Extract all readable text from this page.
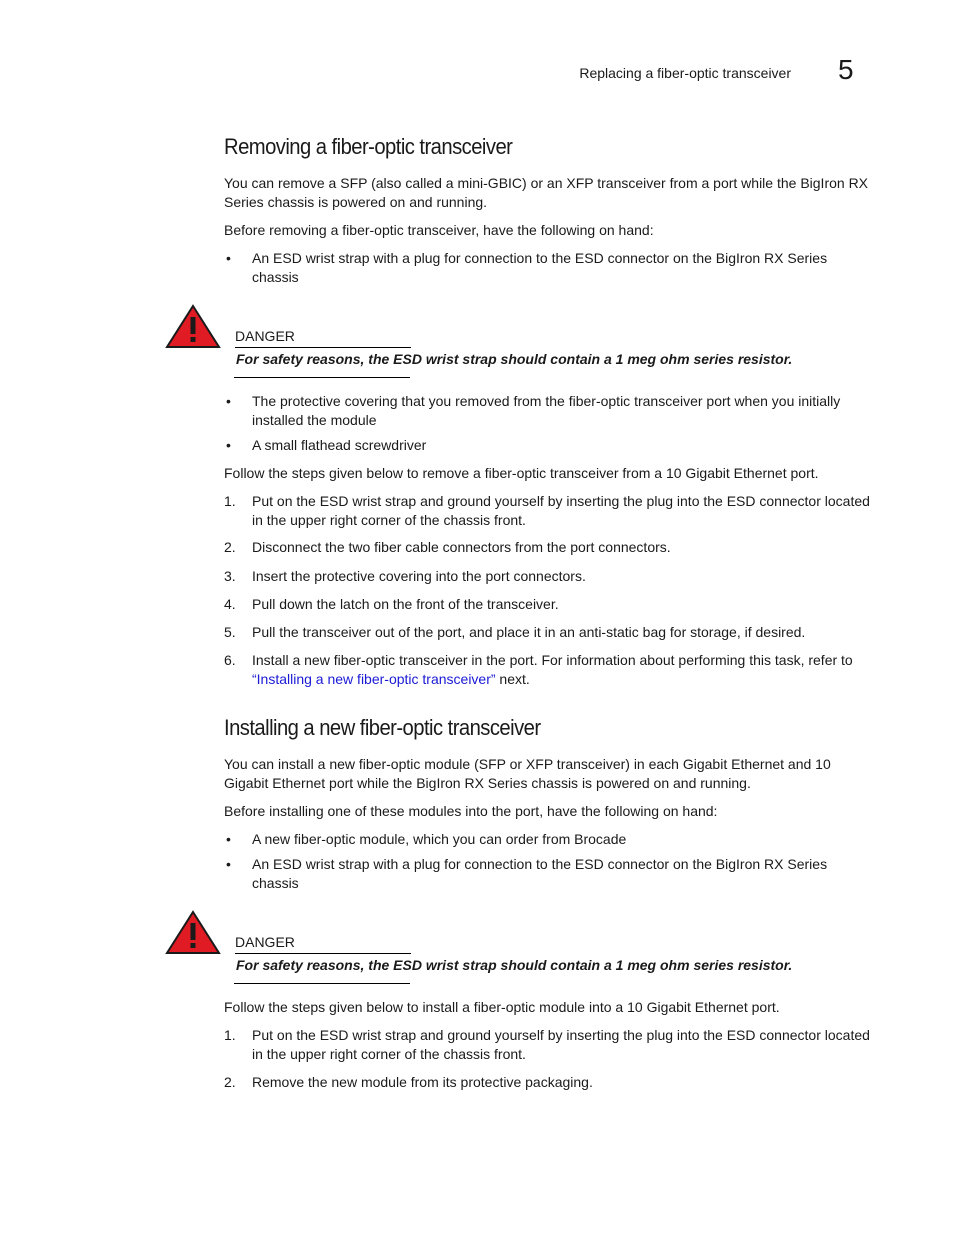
Replacing a fiber-optic transceiver 5
Removing a fiber-optic transceiver

You can remove a SFP (also called a mini-GBIC) or an XFP transceiver from a port while the BigIron RX Series chassis is powered on and running.

Before removing a fiber-optic transceiver, have the following on hand:

• An ESD wrist strap with a plug for connection to the ESD connector on the BigIron RX Series chassis
DANGER
For safety reasons, the ESD wrist strap should contain a 1 meg ohm series resistor.
• The protective covering that you removed from the fiber-optic transceiver port when you initially installed the module
• A small flathead screwdriver

Follow the steps given below to remove a fiber-optic transceiver from a 10 Gigabit Ethernet port.

1. Put on the ESD wrist strap and ground yourself by inserting the plug into the ESD connector located in the upper right corner of the chassis front.
2. Disconnect the two fiber cable connectors from the port connectors.
3. Insert the protective covering into the port connectors.
4. Pull down the latch on the front of the transceiver.
5. Pull the transceiver out of the port, and place it in an anti-static bag for storage, if desired.
6. Install a new fiber-optic transceiver in the port. For information about performing this task, refer to “Installing a new fiber-optic transceiver” next.
Installing a new fiber-optic transceiver

You can install a new fiber-optic module (SFP or XFP transceiver) in each Gigabit Ethernet and 10 Gigabit Ethernet port while the BigIron RX Series chassis is powered on and running.

Before installing one of these modules into the port, have the following on hand:

• A new fiber-optic module, which you can order from Brocade
• An ESD wrist strap with a plug for connection to the ESD connector on the BigIron RX Series chassis
DANGER
For safety reasons, the ESD wrist strap should contain a 1 meg ohm series resistor.

Follow the steps given below to install a fiber-optic module into a 10 Gigabit Ethernet port.

1. Put on the ESD wrist strap and ground yourself by inserting the plug into the ESD connector located in the upper right corner of the chassis front.
2. Remove the new module from its protective packaging.
